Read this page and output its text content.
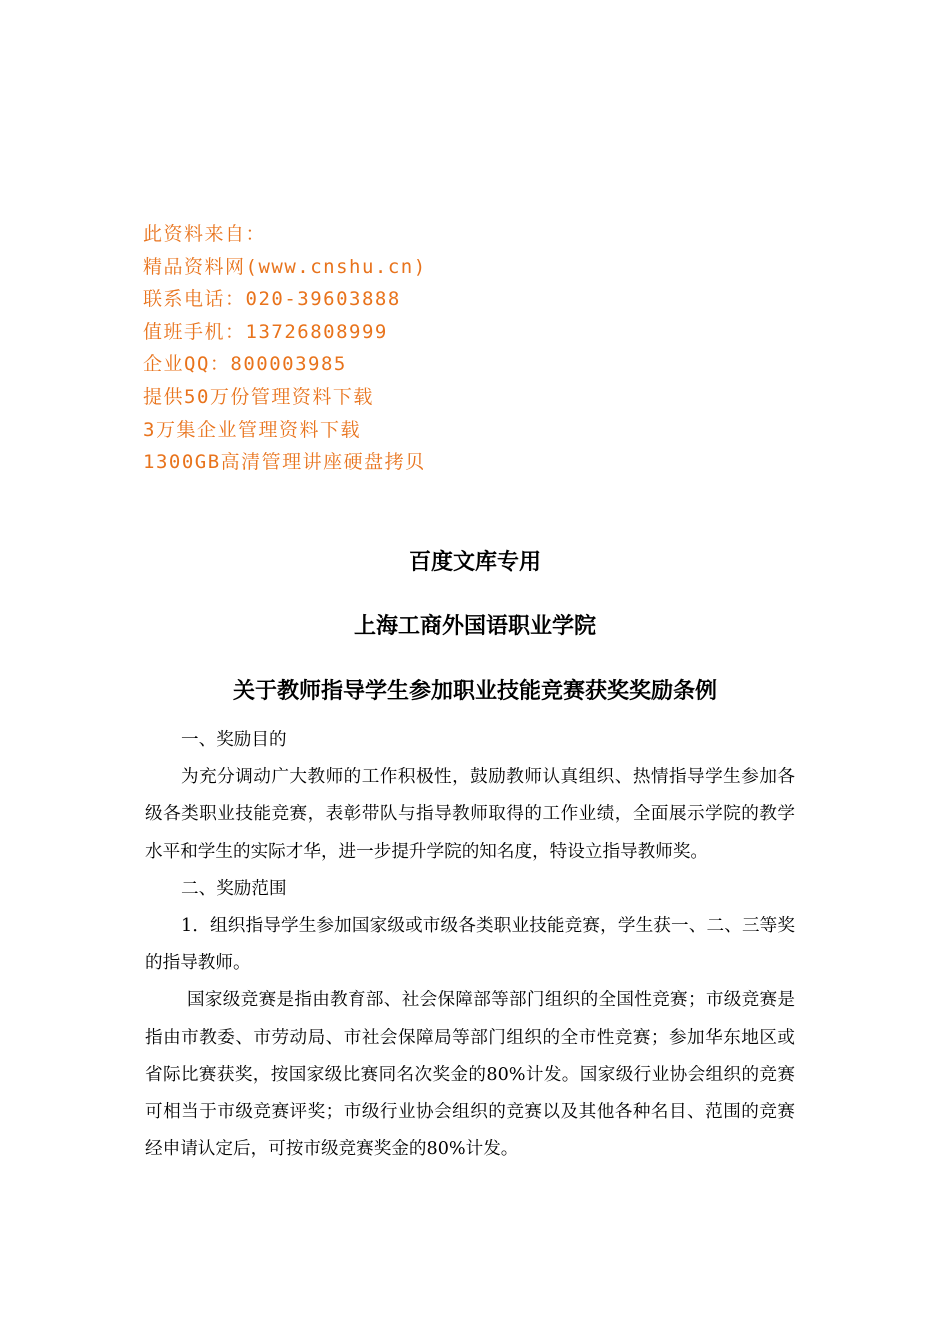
此资料来自：
精品资料网(www.cnshu.cn)
联系电话：020-39603888
值班手机：13726808999
企业QQ：800003985
提供50万份管理资料下载
3万集企业管理资料下载
1300GB高清管理讲座硬盘拷贝
百度文库专用
上海工商外国语职业学院
关于教师指导学生参加职业技能竞赛获奖奖励条例
一、奖励目的
为充分调动广大教师的工作积极性，鼓励教师认真组织、热情指导学生参加各级各类职业技能竞赛，表彰带队与指导教师取得的工作业绩，全面展示学院的教学水平和学生的实际才华，进一步提升学院的知名度，特设立指导教师奖。
二、奖励范围
1．组织指导学生参加国家级或市级各类职业技能竞赛，学生获一、二、三等奖的指导教师。
国家级竞赛是指由教育部、社会保障部等部门组织的全国性竞赛；市级竞赛是指由市教委、市劳动局、市社会保障局等部门组织的全市性竞赛；参加华东地区或省际比赛获奖，按国家级比赛同名次奖金的80%计发。国家级行业协会组织的竞赛可相当于市级竞赛评奖；市级行业协会组织的竞赛以及其他各种名目、范围的竞赛经申请认定后，可按市级竞赛奖金的80%计发。
